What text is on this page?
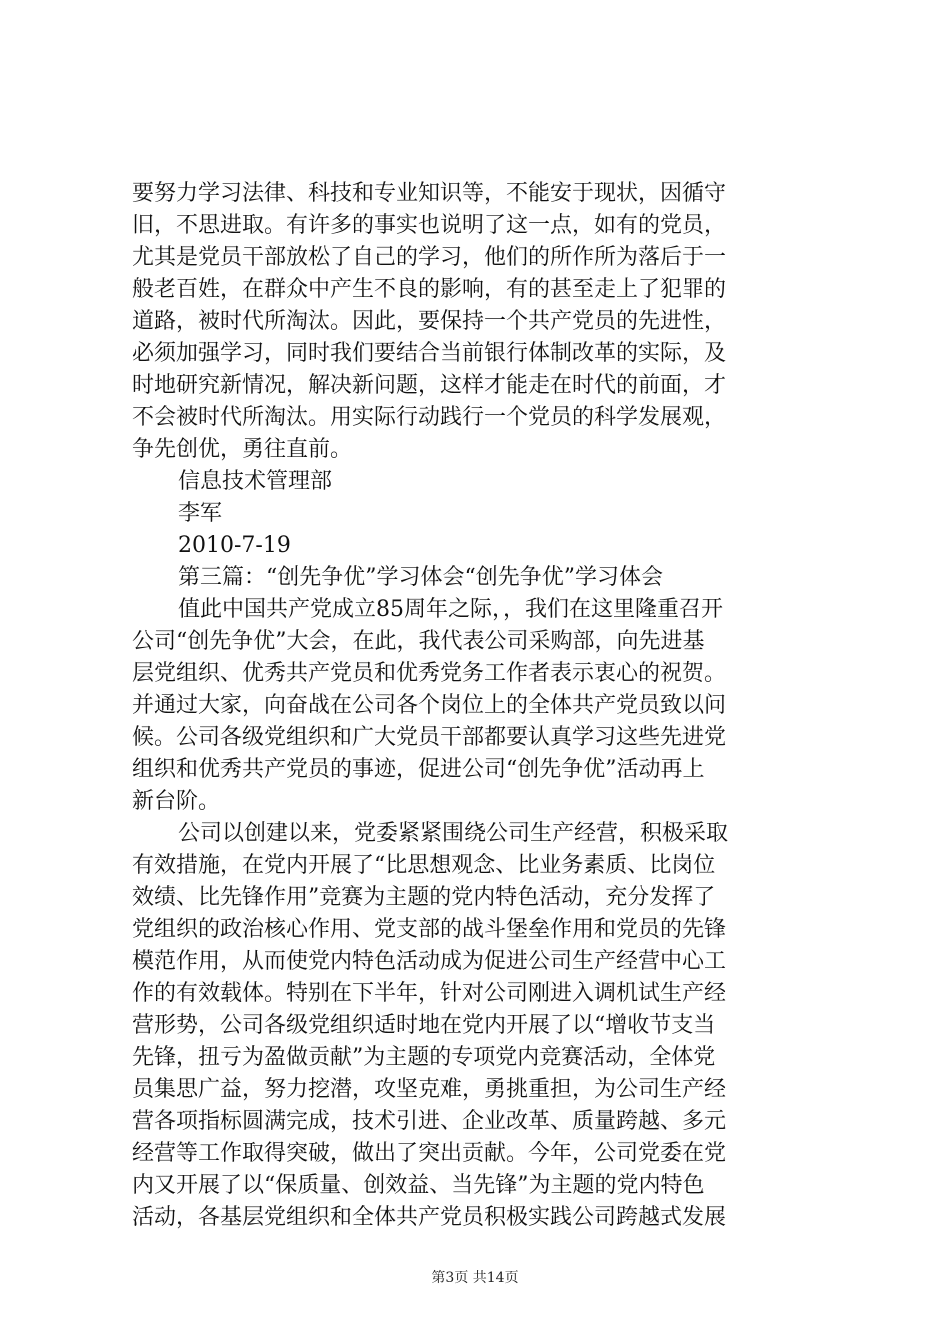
要努力学习法律、科技和专业知识等，不能安于现状，因循守
旧，不思进取。有许多的事实也说明了这一点，如有的党员，
尤其是党员干部放松了自己的学习，他们的所作所为落后于一
般老百姓，在群众中产生不良的影响，有的甚至走上了犯罪的
道路，被时代所淘汰。因此，要保持一个共产党员的先进性，
必须加强学习，同时我们要结合当前银行体制改革的实际，及
时地研究新情况，解决新问题，这样才能走在时代的前面，才
不会被时代所淘汰。用实际行动践行一个党员的科学发展观，
争先创优，勇往直前。
信息技术管理部
李军
2010-7-19
第三篇：“创先争优”学习体会“创先争优”学习体会
值此中国共产党成立85周年之际，，我们在这里隆重召开
公司“创先争优”大会，在此，我代表公司采购部，向先进基
层党组织、优秀共产党员和优秀党务工作者表示衷心的祝贺。
并通过大家，向奋战在公司各个岗位上的全体共产党员致以问
候。公司各级党组织和广大党员干部都要认真学习这些先进党
组织和优秀共产党员的事迹，促进公司“创先争优”活动再上
新台阶。
公司以创建以来，党委紧紧围绕公司生产经营，积极采取
有效措施，在党内开展了“比思想观念、比业务素质、比岗位
效绩、比先锋作用”竞赛为主题的党内特色活动，充分发挥了
党组织的政治核心作用、党支部的战斗堡垒作用和党员的先锋
模范作用，从而使党内特色活动成为促进公司生产经营中心工
作的有效载体。特别在下半年，针对公司刚进入调机试生产经
营形势，公司各级党组织适时地在党内开展了以“增收节支当
先锋，扭亏为盈做贡献”为主题的专项党内竞赛活动，全体党
员集思广益，努力挖潜，攻坚克难，勇挑重担，为公司生产经
营各项指标圆满完成，技术引进、企业改革、质量跨越、多元
经营等工作取得突破，做出了突出贡献。今年，公司党委在党
内又开展了以“保质量、创效益、当先锋”为主题的党内特色
活动，各基层党组织和全体共产党员积极实践公司跨越式发展
第3页 共14页
